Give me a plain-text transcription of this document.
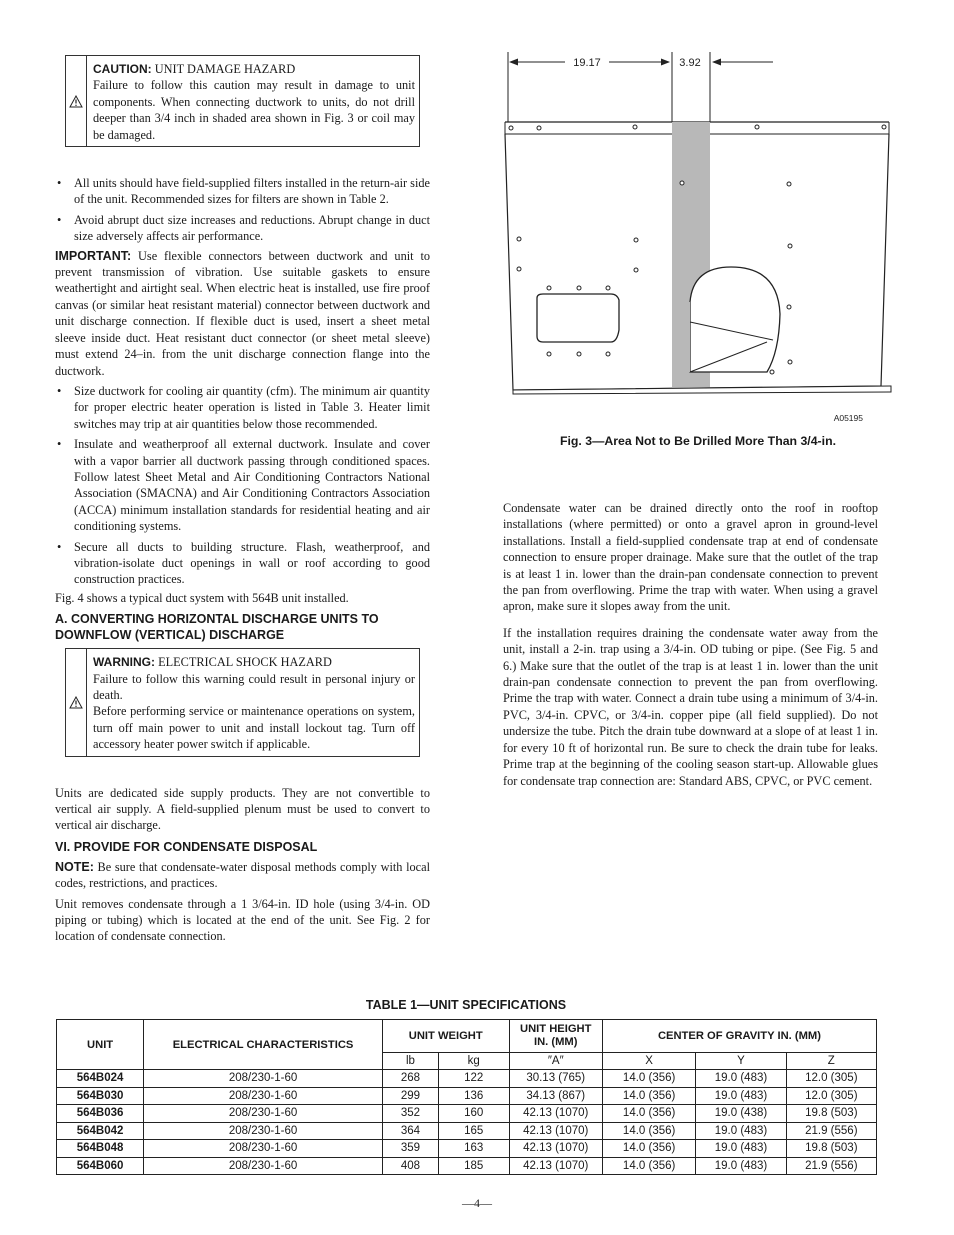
CAUTION: UNIT DAMAGE HAZARD

Failure to follow this caution may result in damage to unit components. When connecting ductwork to units, do not drill deeper than 3/4 inch in shaded area shown in Fig. 3 or coil may be damaged.

• All units should have field-supplied filters installed in the return-air side of the unit. Recommended sizes for filters are shown in Table 2.
• Avoid abrupt duct size increases and reductions. Abrupt change in duct size adversely affects air performance.

IMPORTANT: Use flexible connectors between ductwork and unit to prevent transmission of vibration. Use suitable gaskets to ensure weathertight and airtight seal. When electric heat is installed, use fire proof canvas (or similar heat resistant material) connector between ductwork and unit discharge connection. If flexible duct is used, insert a sheet metal sleeve inside duct. Heat resistant duct connector (or sheet metal sleeve) must extend 24–in. from the unit discharge connection flange into the ductwork.

• Size ductwork for cooling air quantity (cfm). The minimum air quantity for proper electric heater operation is listed in Table 3. Heater limit switches may trip at air quantities below those recommended.
• Insulate and weatherproof all external ductwork. Insulate and cover with a vapor barrier all ductwork passing through conditioned spaces. Follow latest Sheet Metal and Air Conditioning Contractors National Association (SMACNA) and Air Conditioning Contractors Association (ACCA) minimum installation standards for residential heating and air conditioning systems.
• Secure all ducts to building structure. Flash, weatherproof, and vibration-isolate duct openings in wall or roof according to good construction practices.

Fig. 4 shows a typical duct system with 564B unit installed.

A. CONVERTING HORIZONTAL DISCHARGE UNITS TO DOWNFLOW (VERTICAL) DISCHARGE

WARNING: ELECTRICAL SHOCK HAZARD

Failure to follow this warning could result in personal injury or death.

Before performing service or maintenance operations on system, turn off main power to unit and install lockout tag. Turn off accessory heater power switch if applicable.

Units are dedicated side supply products. They are not convertible to vertical air supply. A field-supplied plenum must be used to convert to vertical air discharge.

VI. PROVIDE FOR CONDENSATE DISPOSAL

NOTE: Be sure that condensate-water disposal methods comply with local codes, restrictions, and practices.

Unit removes condensate through a 1 3/64-in. ID hole (using 3/4-in. OD piping or tubing) which is located at the end of the unit. See Fig. 2 for location of condensate connection.

19.17	3.92
A05195
Fig. 3—Area Not to Be Drilled More Than 3/4-in.

Condensate water can be drained directly onto the roof in rooftop installations (where permitted) or onto a gravel apron in ground-level installations. Install a field-supplied condensate trap at end of condensate connection to ensure proper drainage. Make sure that the outlet of the trap is at least 1 in. lower than the drain-pan condensate connection to prevent the pan from overflowing. Prime the trap with water. When using a gravel apron, make sure it slopes away from the unit.

If the installation requires draining the condensate water away from the unit, install a 2-in. trap using a 3/4-in. OD tubing or pipe. (See Fig. 5 and 6.) Make sure that the outlet of the trap is at least 1 in. lower than the unit drain-pan condensate connection to prevent the pan from overflowing. Prime the trap with water. Connect a drain tube using a minimum of 3/4-in. PVC, 3/4-in. CPVC, or 3/4-in. copper pipe (all field supplied). Do not undersize the tube. Pitch the drain tube downward at a slope of at least 1 in. for every 10 ft of horizontal run. Be sure to check the drain tube for leaks. Prime trap at the beginning of the cooling season start-up. Allowable glues for condensate trap connection are: Standard ABS, CPVC, or PVC cement.

TABLE 1—UNIT SPECIFICATIONS
UNIT	ELECTRICAL CHARACTERISTICS	UNIT WEIGHT		UNIT HEIGHT IN. (MM)	CENTER OF GRAVITY IN. (MM)		
		lb	kg	″A″	X	Y	Z
564B024	208/230-1-60	268	122	30.13 (765)	14.0 (356)	19.0 (483)	12.0 (305)
564B030	208/230-1-60	299	136	34.13 (867)	14.0 (356)	19.0 (483)	12.0 (305)
564B036	208/230-1-60	352	160	42.13 (1070)	14.0 (356)	19.0 (438)	19.8 (503)
564B042	208/230-1-60	364	165	42.13 (1070)	14.0 (356)	19.0 (483)	21.9 (556)
564B048	208/230-1-60	359	163	42.13 (1070)	14.0 (356)	19.0 (483)	19.8 (503)
564B060	208/230-1-60	408	185	42.13 (1070)	14.0 (356)	19.0 (483)	21.9 (556)
—4—
